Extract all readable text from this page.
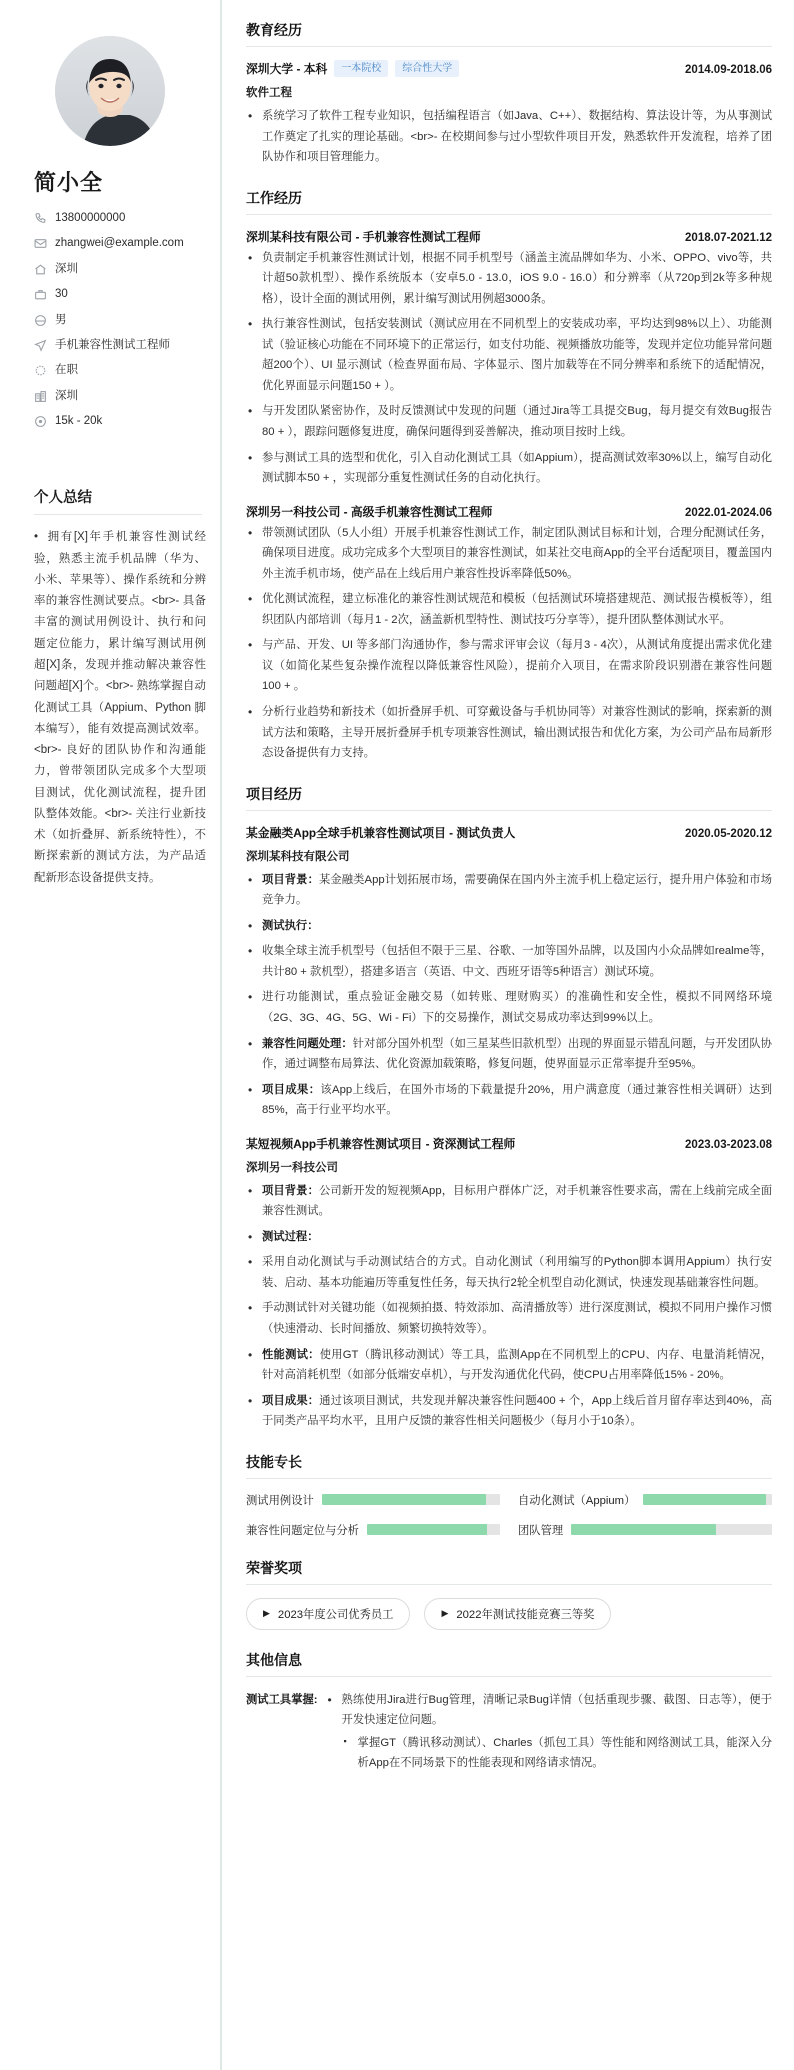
简小全
13800000000
zhangwei@example.com
深圳
30
男
手机兼容性测试工程师
在职
深圳
15k - 20k
个人总结

• 拥有[X]年手机兼容性测试经验，熟悉主流手机品牌（华为、小米、苹果等）、操作系统和分辨率的兼容性测试要点。<br>- 具备丰富的测试用例设计、执行和问题定位能力，累计编写测试用例超[X]条，发现并推动解决兼容性问题超[X]个。<br>- 熟练掌握自动化测试工具（Appium、Python 脚本编写），能有效提高测试效率。<br>- 良好的团队协作和沟通能力，曾带领团队完成多个大型项目测试，优化测试流程，提升团队整体效能。<br>- 关注行业新技术（如折叠屏、新系统特性），不断探索新的测试方法，为产品适配新形态设备提供支持。

教育经历
深圳大学 - 本科	一本院校	综合性大学	2014.09-2018.06
软件工程
• 系统学习了软件工程专业知识，包括编程语言（如Java、C++）、数据结构、算法设计等，为从事测试工作奠定了扎实的理论基础。<br>- 在校期间参与过小型软件项目开发，熟悉软件开发流程，培养了团队协作和项目管理能力。
工作经历
深圳某科技有限公司 - 手机兼容性测试工程师	2018.07-2021.12
• 负责制定手机兼容性测试计划，根据不同手机型号（涵盖主流品牌如华为、小米、OPPO、vivo等，共计超50款机型）、操作系统版本（安卓5.0 - 13.0，iOS 9.0 - 16.0）和分辨率（从720p到2k等多种规格），设计全面的测试用例，累计编写测试用例超3000条。
• 执行兼容性测试，包括安装测试（测试应用在不同机型上的安装成功率，平均达到98%以上）、功能测试（验证核心功能在不同环境下的正常运行，如支付功能、视频播放功能等，发现并定位功能异常问题超200个）、UI 显示测试（检查界面布局、字体显示、图片加载等在不同分辨率和系统下的适配情况，优化界面显示问题150 + ）。
• 与开发团队紧密协作，及时反馈测试中发现的问题（通过Jira等工具提交Bug，每月提交有效Bug报告80 + ），跟踪问题修复进度，确保问题得到妥善解决，推动项目按时上线。
• 参与测试工具的选型和优化，引入自动化测试工具（如Appium），提高测试效率30%以上，编写自动化测试脚本50 + ，实现部分重复性测试任务的自动化执行。
深圳另一科技公司 - 高级手机兼容性测试工程师	2022.01-2024.06
• 带领测试团队（5人小组）开展手机兼容性测试工作，制定团队测试目标和计划，合理分配测试任务，确保项目进度。成功完成多个大型项目的兼容性测试，如某社交电商App的全平台适配项目，覆盖国内外主流手机市场，使产品在上线后用户兼容性投诉率降低50%。
• 优化测试流程，建立标准化的兼容性测试规范和模板（包括测试环境搭建规范、测试报告模板等），组织团队内部培训（每月1 - 2次，涵盖新机型特性、测试技巧分享等），提升团队整体测试水平。
• 与产品、开发、UI 等多部门沟通协作，参与需求评审会议（每月3 - 4次），从测试角度提出需求优化建议（如简化某些复杂操作流程以降低兼容性风险），提前介入项目，在需求阶段识别潜在兼容性问题100 + 。
• 分析行业趋势和新技术（如折叠屏手机、可穿戴设备与手机协同等）对兼容性测试的影响，探索新的测试方法和策略，主导开展折叠屏手机专项兼容性测试，输出测试报告和优化方案，为公司产品布局新形态设备提供有力支持。
项目经历
某金融类App全球手机兼容性测试项目 - 测试负责人	2020.05-2020.12
深圳某科技有限公司
• 项目背景：某金融类App计划拓展市场，需要确保在国内外主流手机上稳定运行，提升用户体验和市场竞争力。
• 测试执行：
• 收集全球主流手机型号（包括但不限于三星、谷歌、一加等国外品牌，以及国内小众品牌如realme等，共计80 + 款机型），搭建多语言（英语、中文、西班牙语等5种语言）测试环境。
• 进行功能测试，重点验证金融交易（如转账、理财购买）的准确性和安全性，模拟不同网络环境（2G、3G、4G、5G、Wi - Fi）下的交易操作，测试交易成功率达到99%以上。
• 兼容性问题处理：针对部分国外机型（如三星某些旧款机型）出现的界面显示错乱问题，与开发团队协作，通过调整布局算法、优化资源加载策略，修复问题，使界面显示正常率提升至95%。
• 项目成果：该App上线后，在国外市场的下载量提升20%，用户满意度（通过兼容性相关调研）达到85%，高于行业平均水平。
某短视频App手机兼容性测试项目 - 资深测试工程师	2023.03-2023.08
深圳另一科技公司
• 项目背景：公司新开发的短视频App，目标用户群体广泛，对手机兼容性要求高，需在上线前完成全面兼容性测试。
• 测试过程：
• 采用自动化测试与手动测试结合的方式。自动化测试（利用编写的Python脚本调用Appium）执行安装、启动、基本功能遍历等重复性任务，每天执行2轮全机型自动化测试，快速发现基础兼容性问题。
• 手动测试针对关键功能（如视频拍摄、特效添加、高清播放等）进行深度测试，模拟不同用户操作习惯（快速滑动、长时间播放、频繁切换特效等）。
• 性能测试：使用GT（腾讯移动测试）等工具，监测App在不同机型上的CPU、内存、电量消耗情况，针对高消耗机型（如部分低端安卓机），与开发沟通优化代码，使CPU占用率降低15% - 20%。
• 项目成果：通过该项目测试，共发现并解决兼容性问题400 + 个，App上线后首月留存率达到40%，高于同类产品平均水平，且用户反馈的兼容性相关问题极少（每月小于10条）。
技能专长
测试用例设计	自动化测试（Appium）
兼容性问题定位与分析	团队管理
荣誉奖项
▶ 2023年度公司优秀员工	▶ 2022年测试技能竞赛三等奖
其他信息
测试工具掌握:	• 熟练使用Jira进行Bug管理，清晰记录Bug详情（包括重现步骤、截图、日志等），便于开发快速定位问题。
▪ 掌握GT（腾讯移动测试）、Charles（抓包工具）等性能和网络测试工具，能深入分析App在不同场景下的性能表现和网络请求情况。
